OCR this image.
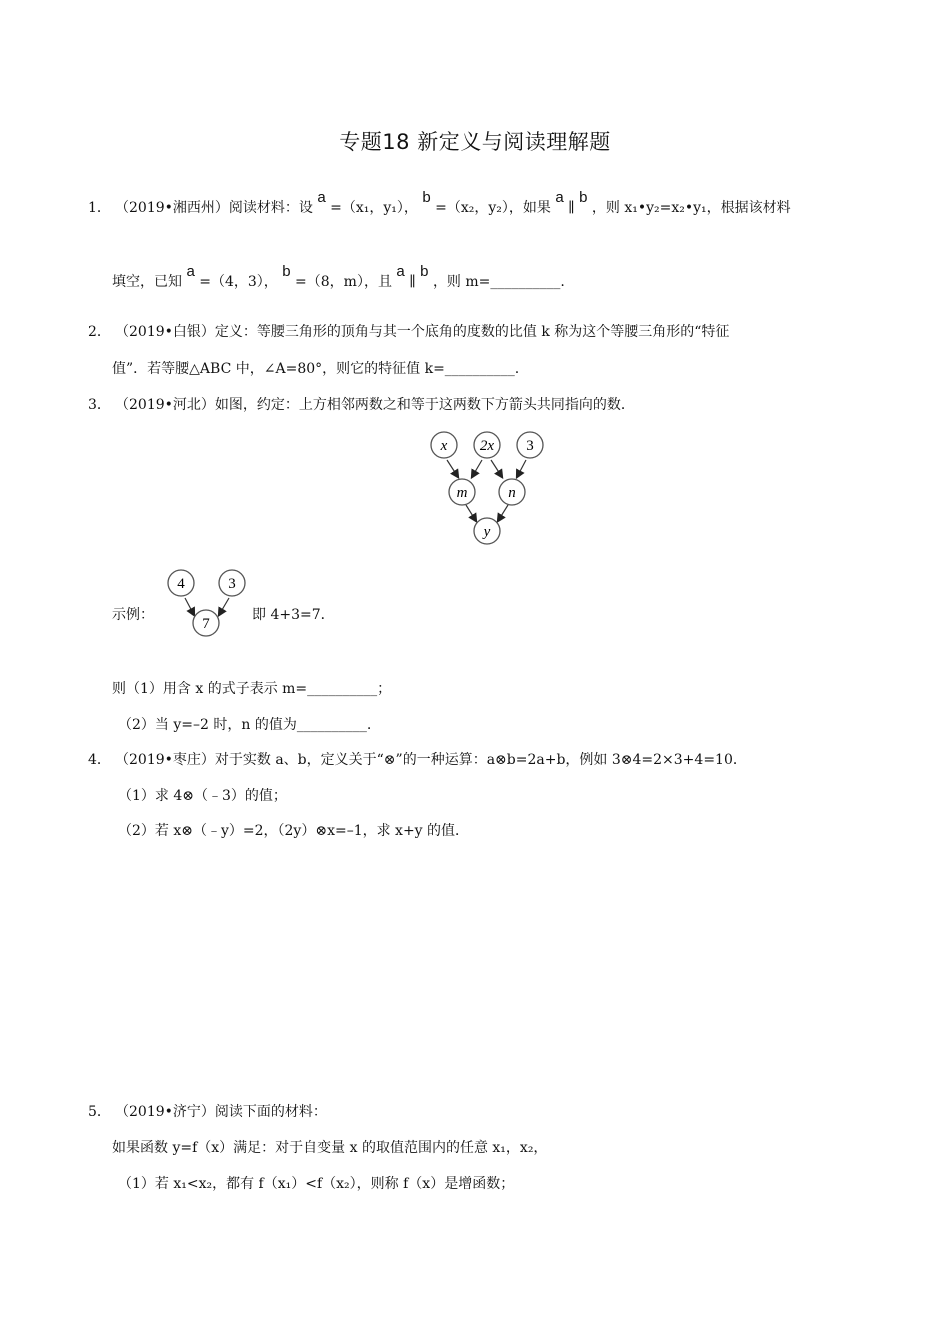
专题18 新定义与阅读理解题
1． （2019•湘西州）阅读材料：设 a =（x₁，y₁）， b =（x₂，y₂），如果 a ∥ b ，则 x₁•y₂=x₂•y₁，根据该材料
填空，已知 a =（4，3）， b =（8，m），且 a ∥ b ，则 m=__________.
2． （2019•白银）定义：等腰三角形的顶角与其一个底角的度数的比值 k 称为这个等腰三角形的“特征
值”．若等腰△ABC 中，∠A=80°，则它的特征值 k=__________.
3． （2019•河北）如图，约定：上方相邻两数之和等于这两数下方箭头共同指向的数．
x 2x 3
m	n
y
示例：
4	3
7
即 4+3=7．
则（1）用含 x 的式子表示 m=__________；
（2）当 y=–2 时，n 的值为__________.
4． （2019•枣庄）对于实数 a、b，定义关于“⊗”的一种运算：a⊗b=2a+b，例如 3⊗4=2×3+4=10．
（1）求 4⊗（﹣3）的值；
（2）若 x⊗（﹣y）=2，（2y）⊗x=–1，求 x+y 的值．
5． （2019•济宁）阅读下面的材料：
如果函数 y=f（x）满足：对于自变量 x 的取值范围内的任意 x₁，x₂，
（1）若 x₁<x₂，都有 f（x₁）<f（x₂），则称 f（x）是增函数；
